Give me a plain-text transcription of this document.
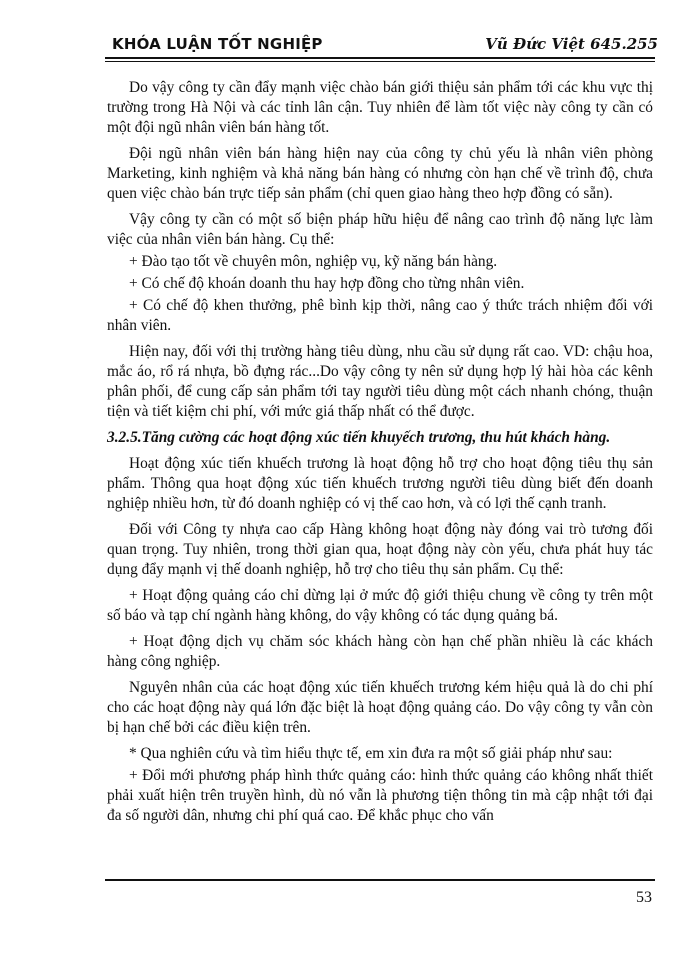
KHÓA LUẬN TỐT NGHIỆP	Vũ Đức Việt 645.255

Do vậy công ty cần đẩy mạnh việc chào bán giới thiệu sản phẩm tới các khu vực thị trường trong Hà Nội và các tỉnh lân cận. Tuy nhiên để làm tốt việc này công ty cần có một đội ngũ nhân viên bán hàng tốt.

Đội ngũ nhân viên bán hàng hiện nay của công ty chủ yếu là nhân viên phòng Marketing, kinh nghiệm và khả năng bán hàng có nhưng còn hạn chế về trình độ, chưa quen việc chào bán trực tiếp sản phẩm (chỉ quen giao hàng theo hợp đồng có sẵn).

Vậy công ty cần có một số biện pháp hữu hiệu để nâng cao trình độ năng lực làm việc của nhân viên bán hàng. Cụ thể:

+ Đào tạo tốt về chuyên môn, nghiệp vụ, kỹ năng bán hàng.

+ Có chế độ khoán doanh thu hay hợp đồng cho từng nhân viên.

+ Có chế độ khen thưởng, phê bình kịp thời, nâng cao ý thức trách nhiệm đối với nhân viên.

Hiện nay, đối với thị trường hàng tiêu dùng, nhu cầu sử dụng rất cao. VD: chậu hoa, mắc áo, rổ rá nhựa, bồ đựng rác...Do vậy công ty nên sử dụng hợp lý hài hòa các kênh phân phối, để cung cấp sản phẩm tới tay người tiêu dùng một cách nhanh chóng, thuận tiện và tiết kiệm chi phí, với mức giá thấp nhất có thể được.

3.2.5.Tăng cường các hoạt động xúc tiến khuyếch trương, thu hút khách hàng.

Hoạt động xúc tiến khuếch trương là hoạt động hỗ trợ cho hoạt động tiêu thụ sản phẩm. Thông qua hoạt động xúc tiến khuếch trương người tiêu dùng biết đến doanh nghiệp nhiều hơn, từ đó doanh nghiệp có vị thế cao hơn, và có lợi thế cạnh tranh.

Đối với Công ty nhựa cao cấp Hàng không hoạt động này đóng vai trò tương đối quan trọng. Tuy nhiên, trong thời gian qua, hoạt động này còn yếu, chưa phát huy tác dụng đẩy mạnh vị thế doanh nghiệp, hỗ trợ cho tiêu thụ sản phẩm. Cụ thể:

+ Hoạt động quảng cáo chỉ dừng lại ở mức độ giới thiệu chung về công ty trên một số báo và tạp chí ngành hàng không, do vậy không có tác dụng quảng bá.

+ Hoạt động dịch vụ chăm sóc khách hàng còn hạn chế phần nhiều là các khách hàng công nghiệp.

Nguyên nhân của các hoạt động xúc tiến khuếch trương kém hiệu quả là do chi phí cho các hoạt động này quá lớn đặc biệt là hoạt động quảng cáo. Do vậy công ty vẫn còn bị hạn chế bởi các điều kiện trên.

* Qua nghiên cứu và tìm hiểu thực tế, em xin đưa ra một số giải pháp như sau:

+ Đổi mới phương pháp hình thức quảng cáo: hình thức quảng cáo không nhất thiết phải xuất hiện trên truyền hình, dù nó vẫn là phương tiện thông tin mà cập nhật tới đại đa số người dân, nhưng chi phí quá cao. Để khắc phục cho vấn

53
